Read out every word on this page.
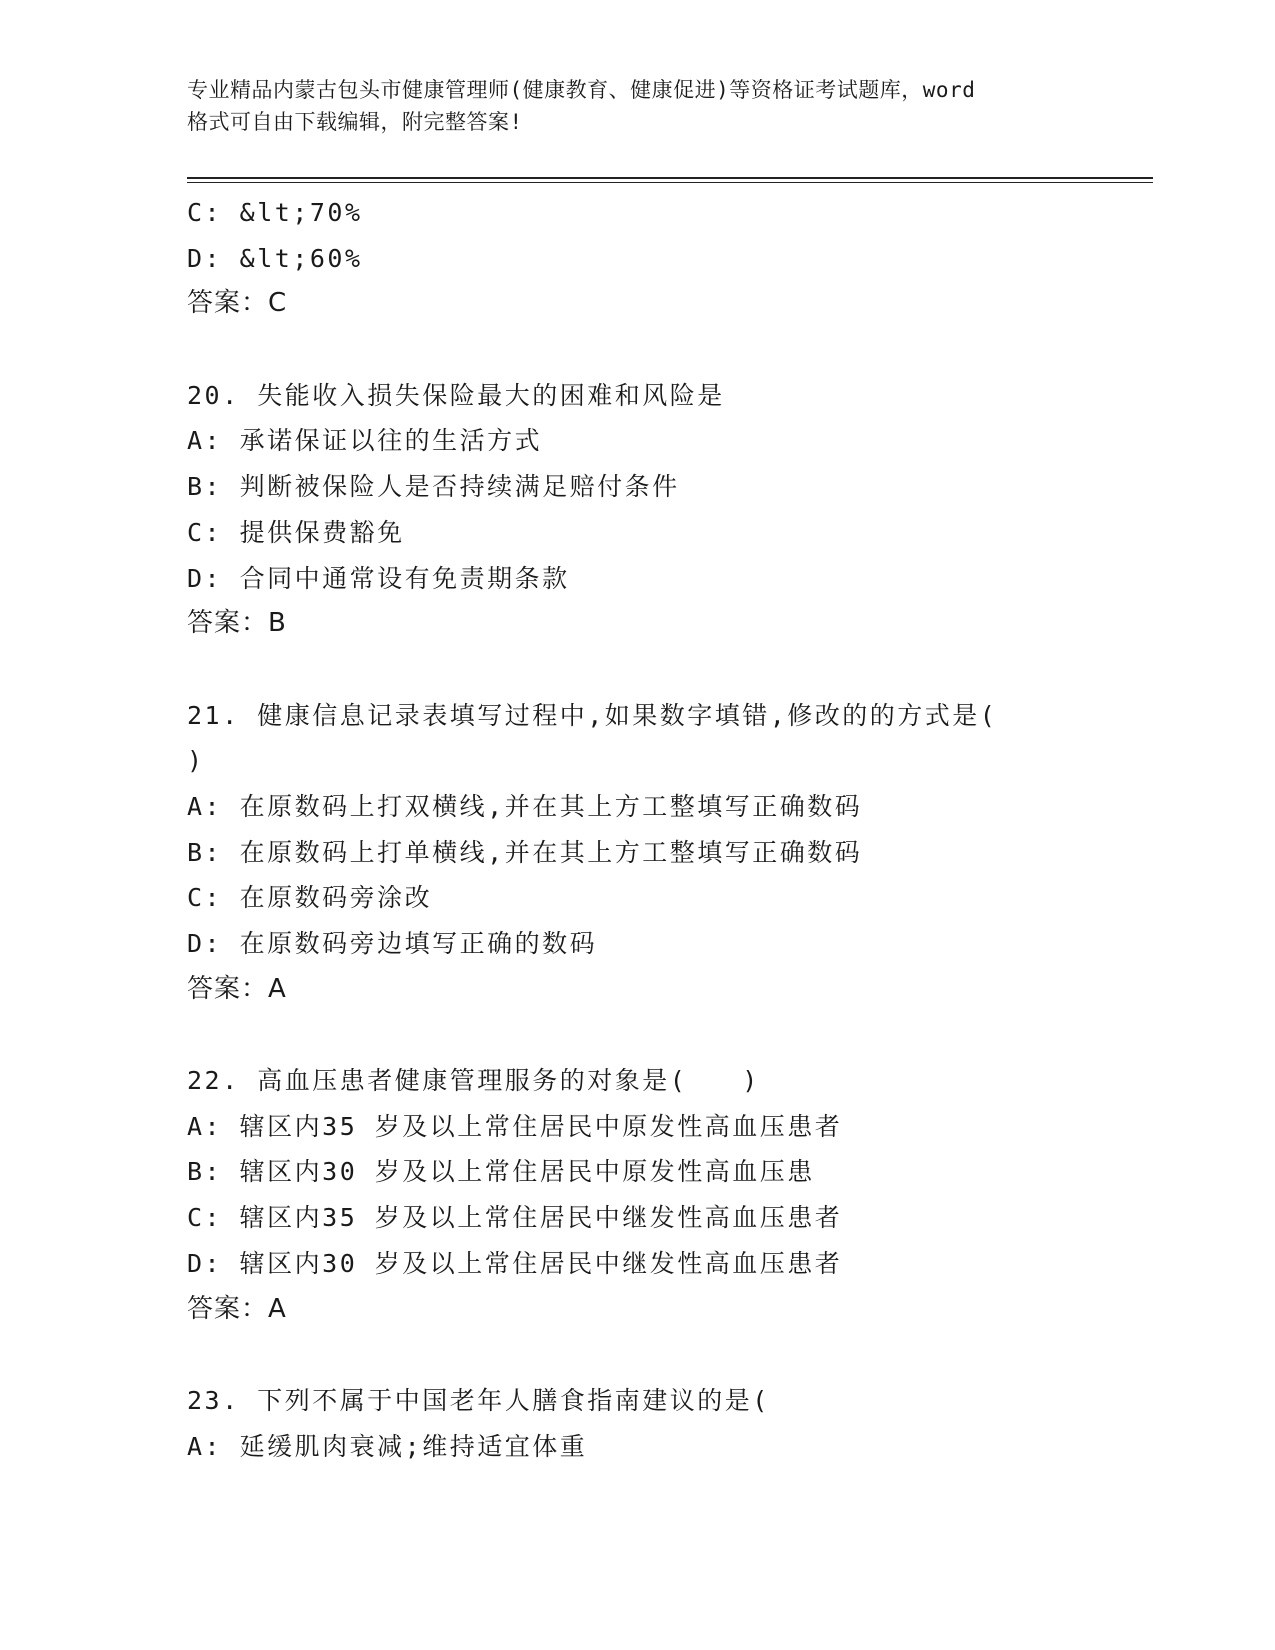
专业精品内蒙古包头市健康管理师(健康教育、健康促进)等资格证考试题库，word
格式可自由下载编辑，附完整答案!
C: &lt;70%
D: &lt;60%
答案：C
20. 失能收入损失保险最大的困难和风险是
A: 承诺保证以往的生活方式
B: 判断被保险人是否持续满足赔付条件
C: 提供保费豁免
D: 合同中通常设有免责期条款
答案：B
21. 健康信息记录表填写过程中,如果数字填错,修改的的方式是(
)
A: 在原数码上打双横线,并在其上方工整填写正确数码
B: 在原数码上打单横线,并在其上方工整填写正确数码
C: 在原数码旁涂改
D: 在原数码旁边填写正确的数码
答案：A
22. 高血压患者健康管理服务的对象是(　　)
A: 辖区内35 岁及以上常住居民中原发性高血压患者
B: 辖区内30 岁及以上常住居民中原发性高血压患
C: 辖区内35 岁及以上常住居民中继发性高血压患者
D: 辖区内30 岁及以上常住居民中继发性高血压患者
答案：A
23. 下列不属于中国老年人膳食指南建议的是(
A: 延缓肌肉衰减;维持适宜体重
